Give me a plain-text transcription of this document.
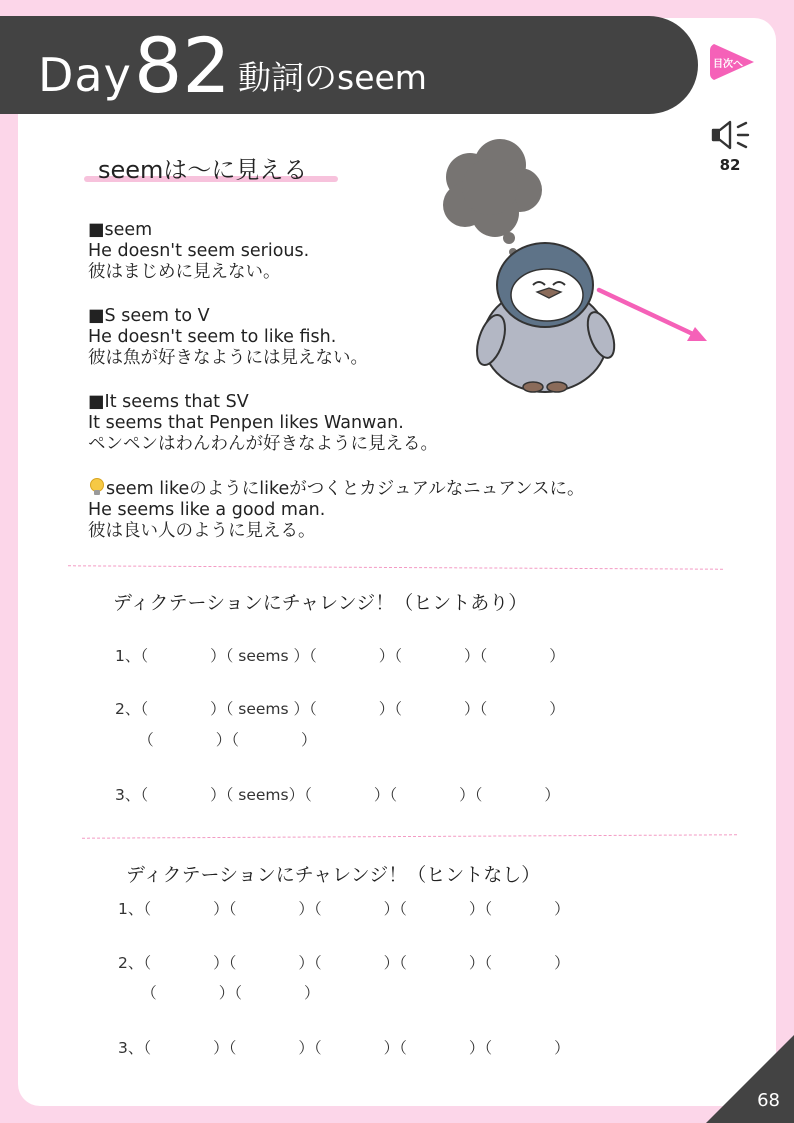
Day 82 動詞のseem	目次へ
82
seemは～に見える
■seem
He doesn't seem serious.
彼はまじめに見えない。
■S seem to V
He doesn't seem to like fish.
彼は魚が好きなようには見えない。
■It seems that SV
It seems that Penpen likes Wanwan.
ペンペンはわんわんが好きなように見える。
seem likeのようにlikeがつくとカジュアルなニュアンスに。
He seems like a good man.
彼は良い人のように見える。
ディクテーションにチャレンジ！（ヒントあり）
1、（　　　　）（ seems ）（　　　　）（　　　　）（　　　　）
2、（　　　　）（ seems ）（　　　　）（　　　　）（　　　　）
　　（　　　　）（　　　　）
3、（　　　　）（ seems）（　　　　）（　　　　）（　　　　）
ディクテーションにチャレンジ！（ヒントなし）
1、（　　　　）（　　　　）（　　　　）（　　　　）（　　　　）
2、（　　　　）（　　　　）（　　　　）（　　　　）（　　　　）
　　（　　　　）（　　　　）
3、（　　　　）（　　　　）（　　　　）（　　　　）（　　　　）
68
